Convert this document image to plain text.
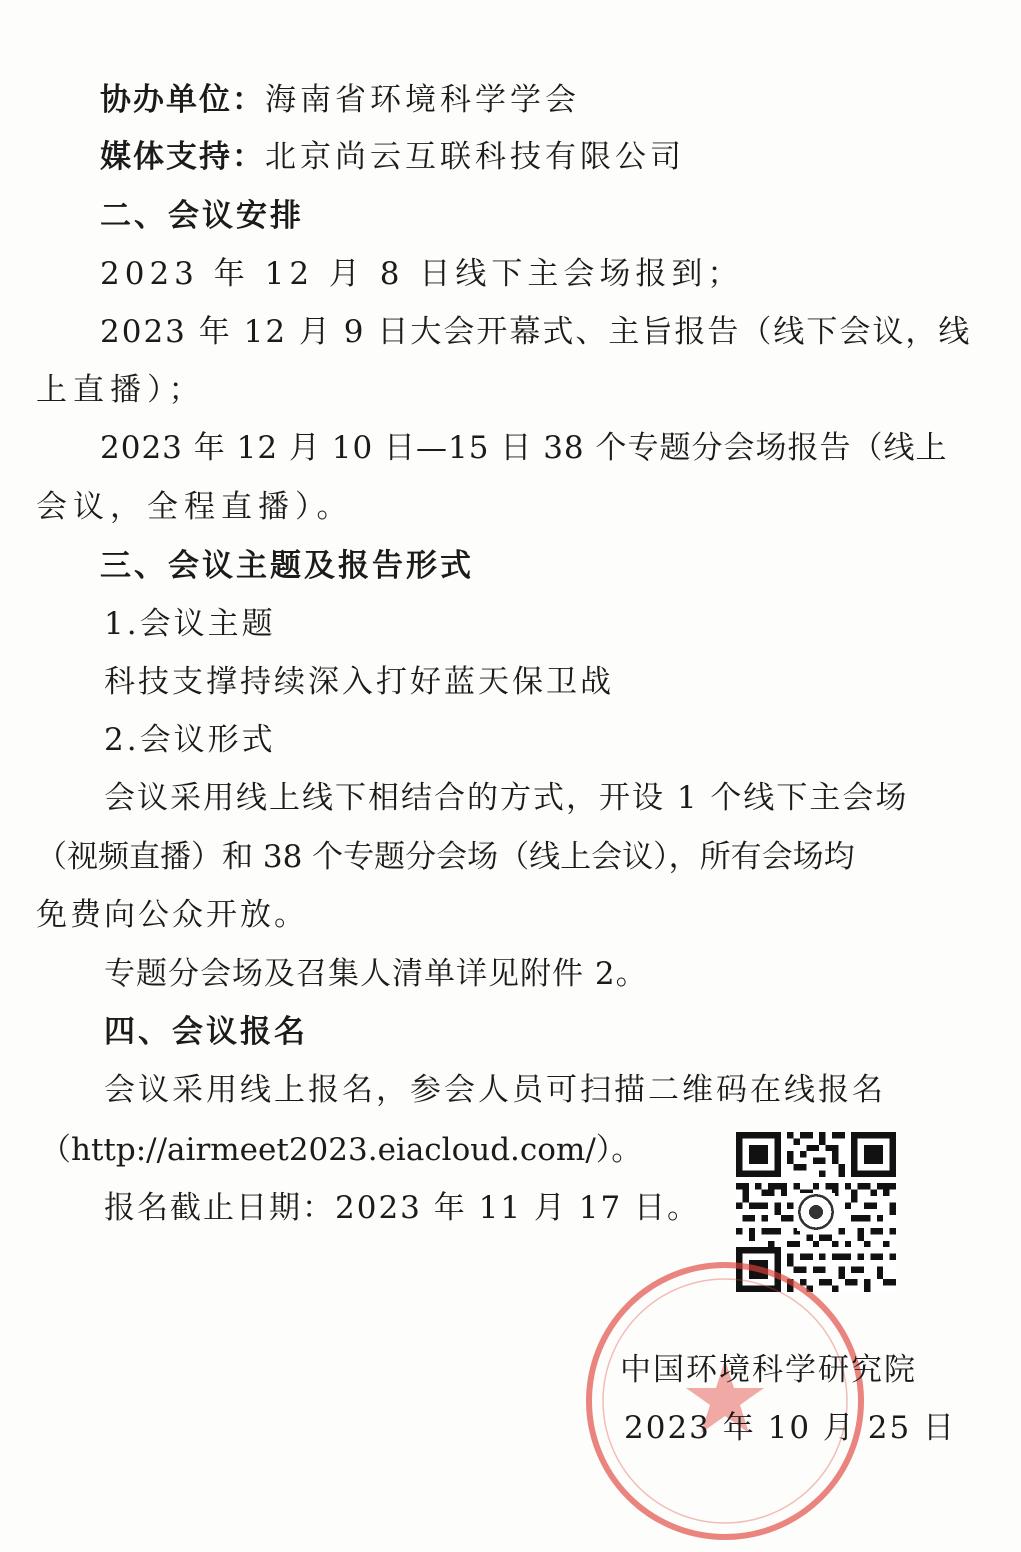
协办单位：海南省环境科学学会
媒体支持：北京尚云互联科技有限公司
二、会议安排
2023 年 12 月 8 日线下主会场报到；
2023 年 12 月 9 日大会开幕式、主旨报告（线下会议，线
上直播）；
2023 年 12 月 10 日—15 日 38 个专题分会场报告（线上
会议，全程直播）。
三、会议主题及报告形式
1.会议主题
科技支撑持续深入打好蓝天保卫战
2.会议形式
会议采用线上线下相结合的方式，开设 1 个线下主会场
（视频直播）和 38 个专题分会场（线上会议），所有会场均
免费向公众开放。
专题分会场及召集人清单详见附件 2。
四、会议报名
会议采用线上报名，参会人员可扫描二维码在线报名
（http://airmeet2023.eiacloud.com/）。
报名截止日期：2023 年 11 月 17 日。
中国环境科学研究院
2023 年 10 月 25 日
